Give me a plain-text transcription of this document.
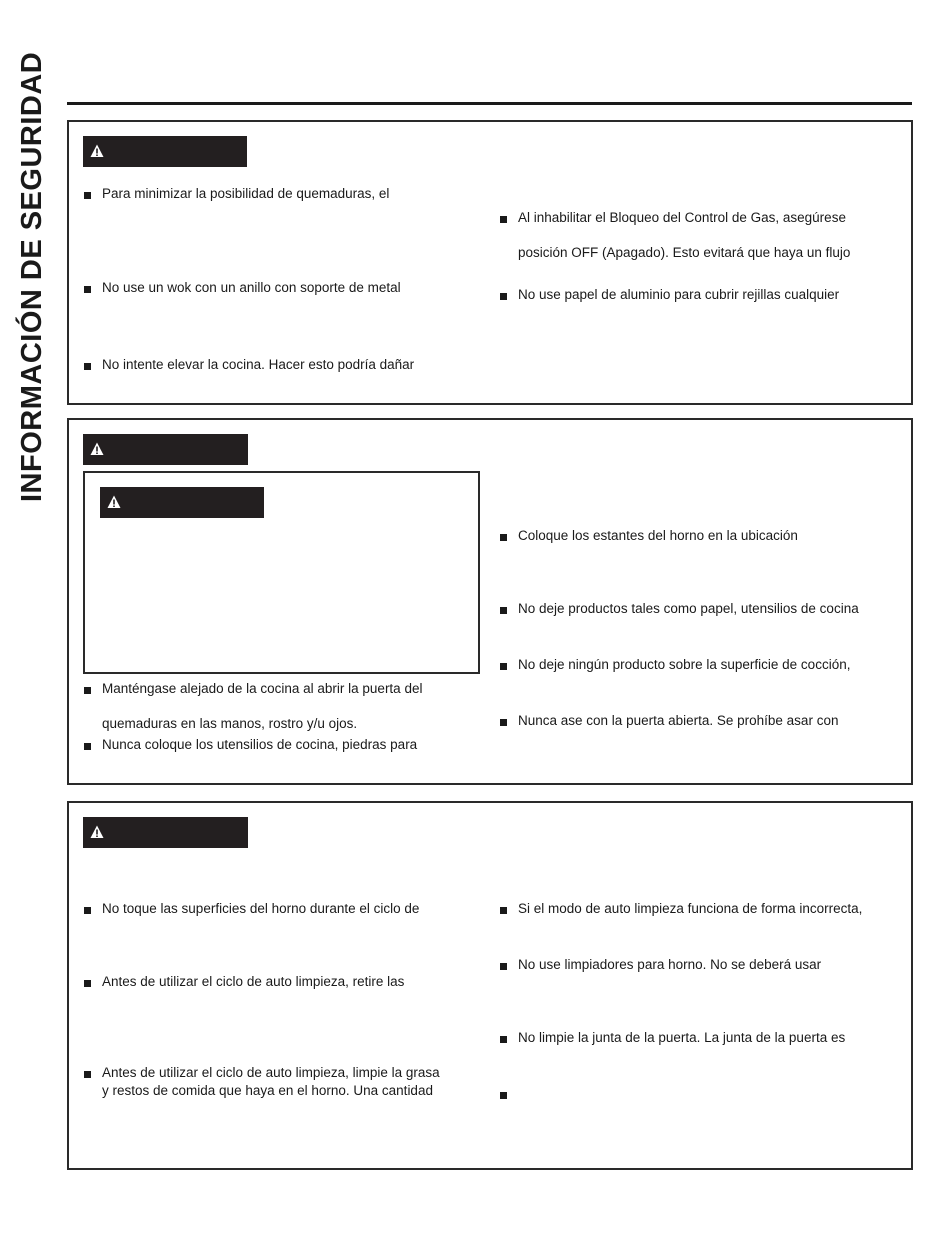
INFORMACIÓN DE SEGURIDAD	Para minimizar la posibilidad de quemaduras, el
No use un wok con un anillo con soporte de metal
No intente elevar la cocina. Hacer esto podría dañar
Al inhabilitar el Bloqueo del Control de Gas, asegúrese
posición OFF (Apagado). Esto evitará que haya un flujo
No use papel de aluminio para cubrir rejillas cualquier
Manténgase alejado de la cocina al abrir la puerta del
quemaduras en las manos, rostro y/u ojos.
Nunca coloque los utensilios de cocina, piedras para
Coloque los estantes del horno en la ubicación
No deje productos tales como papel, utensilios de cocina
No deje ningún producto sobre la superficie de cocción,
Nunca ase con la puerta abierta. Se prohíbe asar con
No toque las superficies del horno durante el ciclo de
Antes de utilizar el ciclo de auto limpieza, retire las
Antes de utilizar el ciclo de auto limpieza, limpie la grasa
y restos de comida que haya en el horno. Una cantidad
Si el modo de auto limpieza funciona de forma incorrecta,
No use limpiadores para horno. No se deberá usar
No limpie la junta de la puerta. La junta de la puerta es
